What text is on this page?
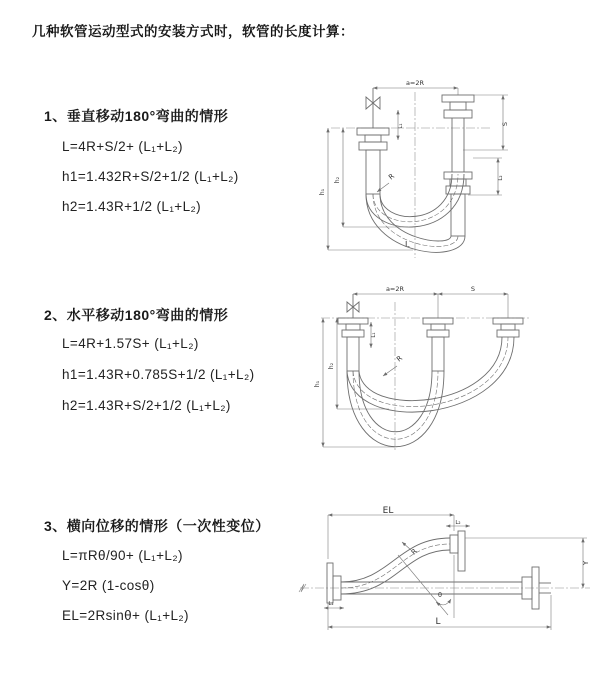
几种软管运动型式的安装方式时，软管的长度计算：
1、垂直移动180°弯曲的情形
L=4R+S/2+ (L₁+L₂)
h1=1.432R+S/2+1/2 (L₁+L₂)
h2=1.43R+1/2 (L₁+L₂)
2、水平移动180°弯曲的情形
L=4R+1.57S+ (L₁+L₂)
h1=1.43R+0.785S+1/2 (L₁+L₂)
h2=1.43R+S/2+1/2 (L₁+L₂)
3、横向位移的情形（一次性变位）
L=πRθ/90+ (L₁+L₂)
Y=2R (1-cosθ)
EL=2Rsinθ+ (L₁+L₂)
a=2R
h₁
h₂
L₁	S
L₂
L
R
a=2R	S
h₁
h₂
L₁
R
EL
L₂
Y
L₁
L
R
θ
